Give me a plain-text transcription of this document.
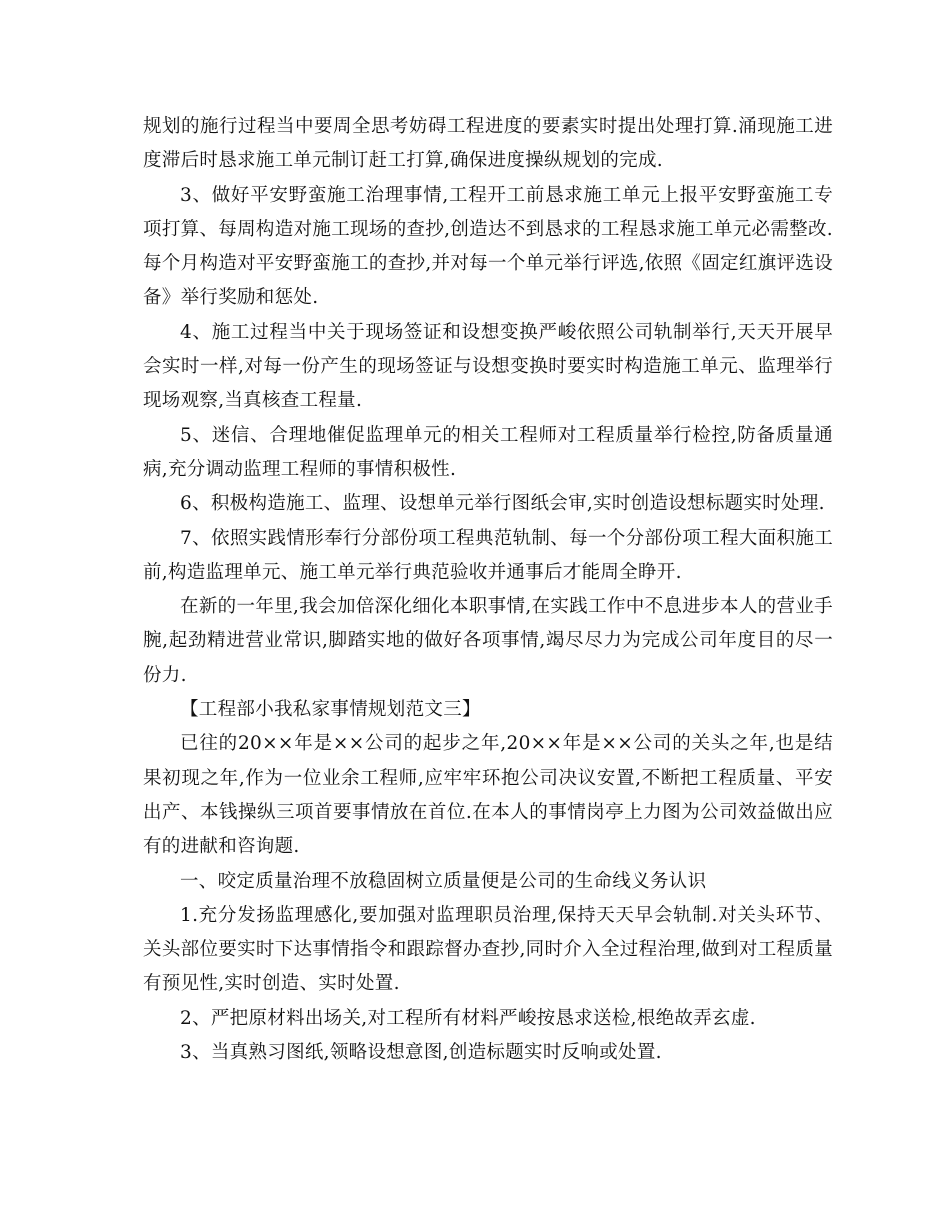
规划的施行过程当中要周全思考妨碍工程进度的要素实时提出处理打算.涌现施工进度滞后时恳求施工单元制订赶工打算,确保进度操纵规划的完成.

3、做好平安野蛮施工治理事情,工程开工前恳求施工单元上报平安野蛮施工专项打算、每周构造对施工现场的查抄,创造达不到恳求的工程恳求施工单元必需整改.每个月构造对平安野蛮施工的查抄,并对每一个单元举行评选,依照《固定红旗评选设备》举行奖励和惩处.

4、施工过程当中关于现场签证和设想变换严峻依照公司轨制举行,天天开展早会实时一样,对每一份产生的现场签证与设想变换时要实时构造施工单元、监理举行现场观察,当真核查工程量.

5、迷信、合理地催促监理单元的相关工程师对工程质量举行检控,防备质量通病,充分调动监理工程师的事情积极性.

6、积极构造施工、监理、设想单元举行图纸会审,实时创造设想标题实时处理.

7、依照实践情形奉行分部份项工程典范轨制、每一个分部份项工程大面积施工前,构造监理单元、施工单元举行典范验收并通事后才能周全睁开.

在新的一年里,我会加倍深化细化本职事情,在实践工作中不息进步本人的营业手腕,起劲精进营业常识,脚踏实地的做好各项事情,竭尽尽力为完成公司年度目的尽一份力.

【工程部小我私家事情规划范文三】

已往的20××年是××公司的起步之年,20××年是××公司的关头之年,也是结果初现之年,作为一位业余工程师,应牢牢环抱公司决议安置,不断把工程质量、平安出产、本钱操纵三项首要事情放在首位.在本人的事情岗亭上力图为公司效益做出应有的进献和咨询题.

一、咬定质量治理不放稳固树立质量便是公司的生命线义务认识

1.充分发扬监理感化,要加强对监理职员治理,保持天天早会轨制.对关头环节、关头部位要实时下达事情指令和跟踪督办查抄,同时介入全过程治理,做到对工程质量有预见性,实时创造、实时处置.

2、严把原材料出场关,对工程所有材料严峻按恳求送检,根绝故弄玄虚.

3、当真熟习图纸,领略设想意图,创造标题实时反响或处置.
